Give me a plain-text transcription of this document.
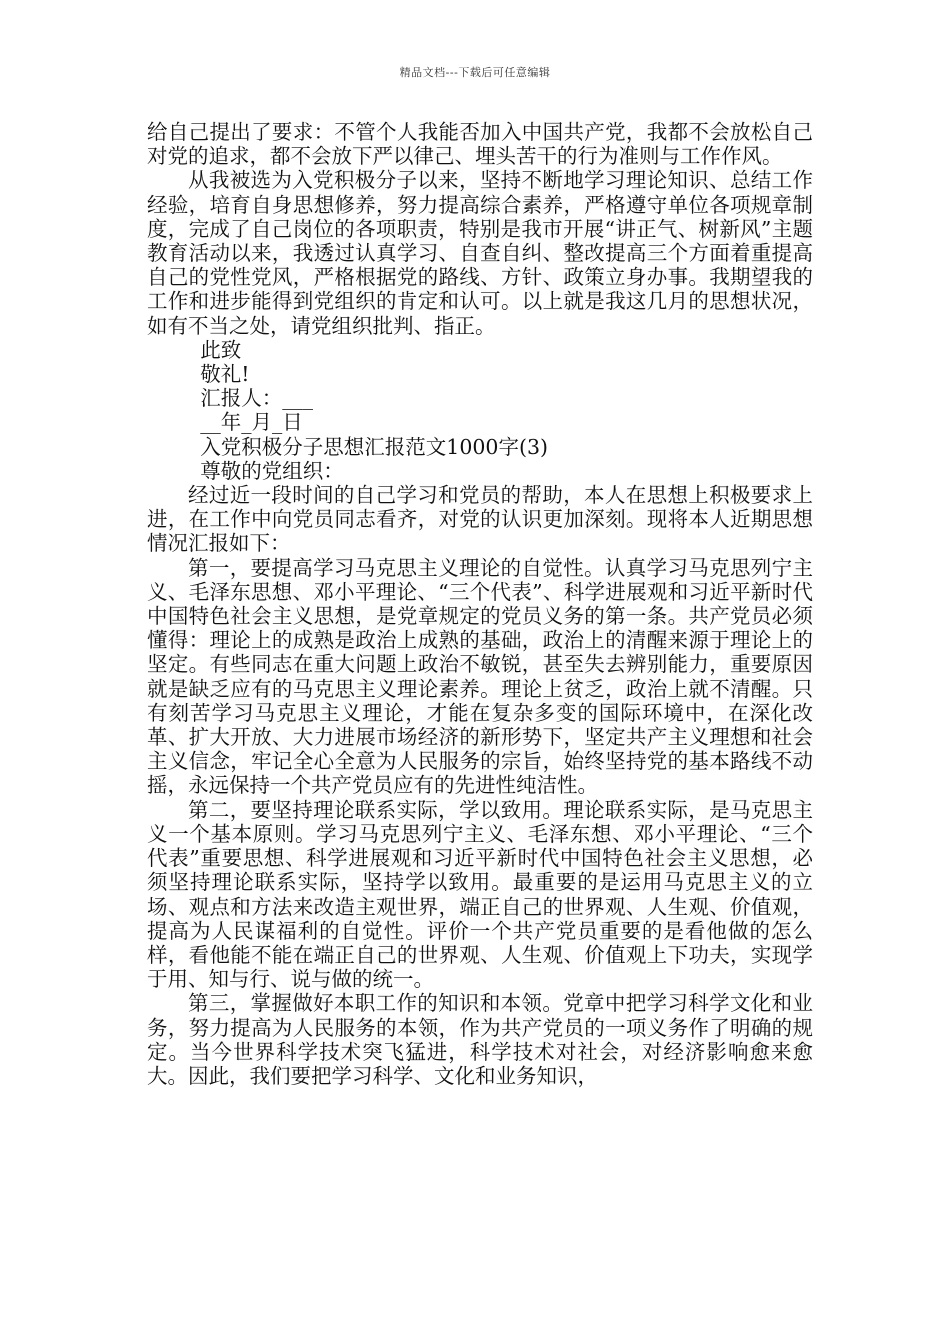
精品文档---下载后可任意编辑

给自己提出了要求：不管个人我能否加入中国共产党，我都不会放松自己对党的追求，都不会放下严以律己、埋头苦干的行为准则与工作作风。

从我被选为入党积极分子以来，坚持不断地学习理论知识、总结工作经验，培育自身思想修养，努力提高综合素养，严格遵守单位各项规章制度，完成了自己岗位的各项职责，特别是我市开展“讲正气、树新风”主题教育活动以来，我透过认真学习、自查自纠、整改提高三个方面着重提高自己的党性党风，严格根据党的路线、方针、政策立身办事。我期望我的工作和进步能得到党组织的肯定和认可。以上就是我这几月的思想状况，如有不当之处，请党组织批判、指正。

此致

敬礼!

汇报人：___

__年_月_日

入党积极分子思想汇报范文1000字(3)

尊敬的党组织：

经过近一段时间的自己学习和党员的帮助，本人在思想上积极要求上进，在工作中向党员同志看齐，对党的认识更加深刻。现将本人近期思想情况汇报如下：

第一，要提高学习马克思主义理论的自觉性。认真学习马克思列宁主义、毛泽东思想、邓小平理论、“三个代表”、科学进展观和习近平新时代中国特色社会主义思想，是党章规定的党员义务的第一条。共产党员必须懂得：理论上的成熟是政治上成熟的基础，政治上的清醒来源于理论上的坚定。有些同志在重大问题上政治不敏锐，甚至失去辨别能力，重要原因就是缺乏应有的马克思主义理论素养。理论上贫乏，政治上就不清醒。只有刻苦学习马克思主义理论，才能在复杂多变的国际环境中，在深化改革、扩大开放、大力进展市场经济的新形势下，坚定共产主义理想和社会主义信念，牢记全心全意为人民服务的宗旨，始终坚持党的基本路线不动摇，永远保持一个共产党员应有的先进性纯洁性。

第二，要坚持理论联系实际，学以致用。理论联系实际，是马克思主义一个基本原则。学习马克思列宁主义、毛泽东想、邓小平理论、“三个代表”重要思想、科学进展观和习近平新时代中国特色社会主义思想，必须坚持理论联系实际，坚持学以致用。最重要的是运用马克思主义的立场、观点和方法来改造主观世界，端正自己的世界观、人生观、价值观，提高为人民谋福利的自觉性。评价一个共产党员重要的是看他做的怎么样，看他能不能在端正自己的世界观、人生观、价值观上下功夫，实现学于用、知与行、说与做的统一。

第三，掌握做好本职工作的知识和本领。党章中把学习科学文化和业务，努力提高为人民服务的本领，作为共产党员的一项义务作了明确的规定。当今世界科学技术突飞猛进，科学技术对社会，对经济影响愈来愈大。因此，我们要把学习科学、文化和业务知识，
